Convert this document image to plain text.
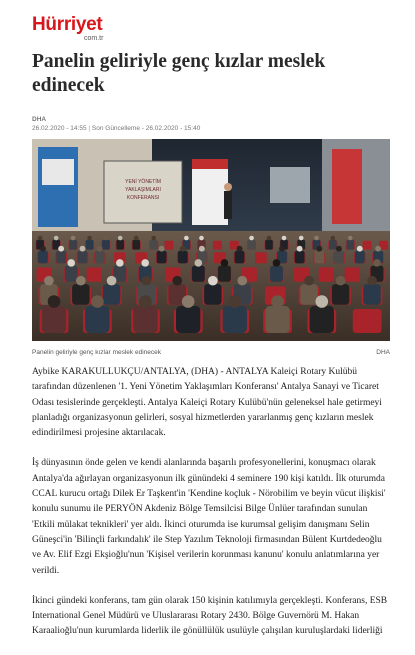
Hürriyet
com.tr
Panelin geliriyle genç kızlar meslek edinecek
DHA
26.02.2020 - 14:55 | Son Güncelleme - 26.02.2020 - 15:40
YENİ YÖNETİM
YAKLAŞIMLARI
KONFERANSI
Panelin geliriyle genç kızlar meslek edinecek	DHA

Aybike KARAKULLUKÇU/ANTALYA, (DHA) - ANTALYA Kaleiçi Rotary Kulübü tarafından düzenlenen '1. Yeni Yönetim Yaklaşımları Konferansı' Antalya Sanayi ve Ticaret Odası tesislerinde gerçekleşti. Antalya Kaleiçi Rotary Kulübü'nün geleneksel hale getirmeyi planladığı organizasyonun gelirleri, sosyal hizmetlerden yararlanmış genç kızların meslek edindirilmesi projesine aktarılacak.

İş dünyasının önde gelen ve kendi alanlarında başarılı profesyonellerini, konuşmacı olarak Antalya'da ağırlayan organizasyonun ilk günündeki 4 seminere 190 kişi katıldı. İlk oturumda CCAL kurucu ortağı Dilek Er Taşkent'in 'Kendine koçluk - Nörobilim ve beyin vücut ilişkisi' konulu sunumu ile PERYÖN Akdeniz Bölge Temsilcisi Bilge Ünlüer tarafından sunulan 'Etkili mülakat teknikleri' yer aldı. İkinci oturumda ise kurumsal gelişim danışmanı Selin Güneşci'in 'Bilinçli farkındalık' ile Step Yazılım Teknoloji firmasından Bülent Kurtdedeoğlu ve Av. Elif Ezgi Ekşioğlu'nun 'Kişisel verilerin korunması kanunu' konulu anlatımlarına yer verildi.

İkinci gündeki konferans, tam gün olarak 150 kişinin katılımıyla gerçekleşti. Konferans, ESB International Genel Müdürü ve Uluslararası Rotary 2430. Bölge Guvernörü M. Hakan Karaalioğlu'nun kurumlarda liderlik ile gönüllülük usulüyle çalışılan kuruluşlardaki liderliği
